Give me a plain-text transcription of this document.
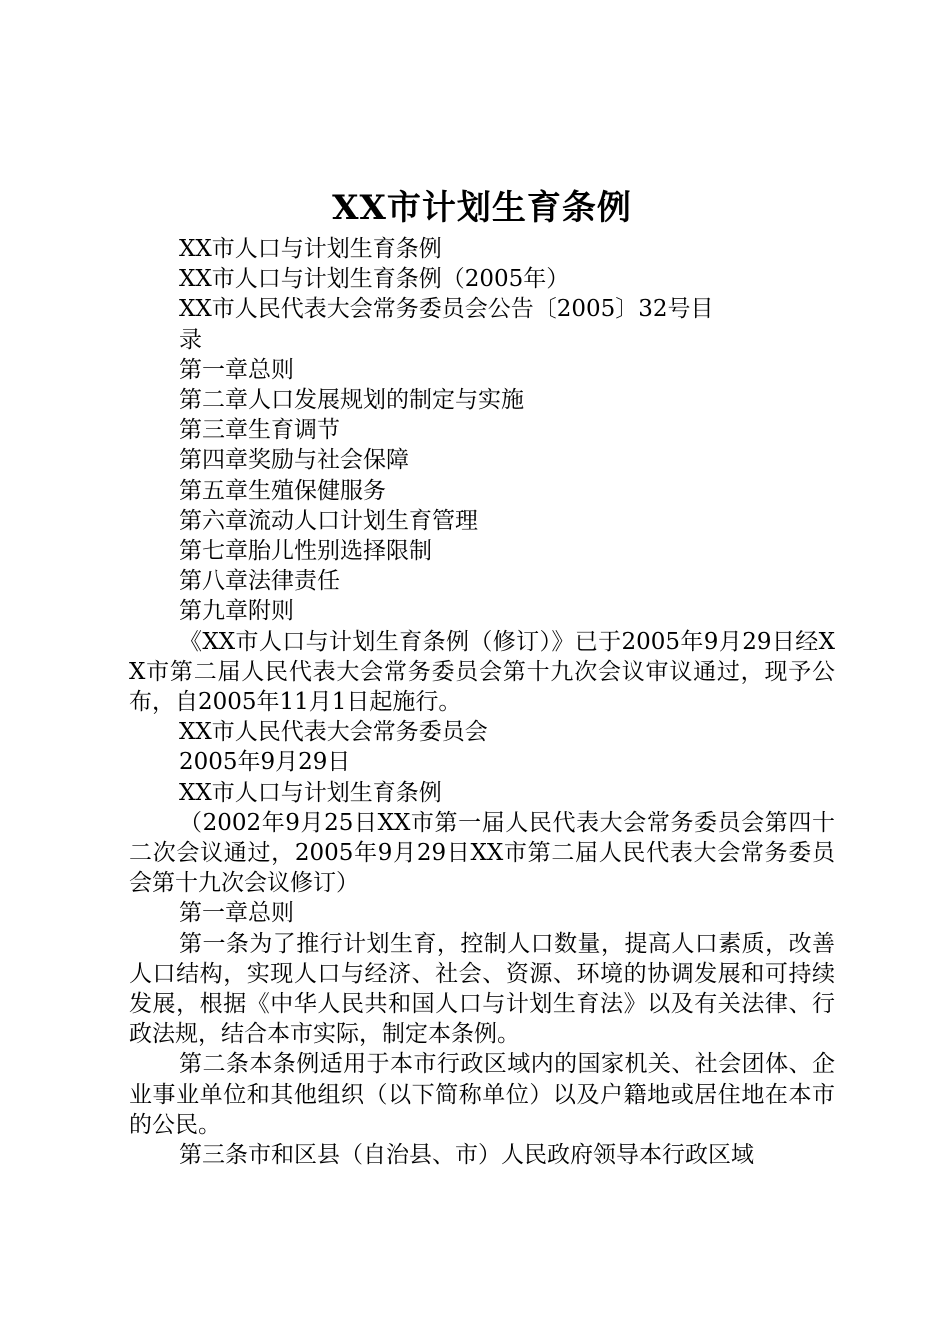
XX市计划生育条例

XX市人口与计划生育条例

XX市人口与计划生育条例（2005年）

XX市人民代表大会常务委员会公告〔2005〕32号目

录

第一章总则

第二章人口发展规划的制定与实施

第三章生育调节

第四章奖励与社会保障

第五章生殖保健服务

第六章流动人口计划生育管理

第七章胎儿性别选择限制

第八章法律责任

第九章附则

《XX市人口与计划生育条例（修订）》已于2005年9月29日经XX市第二届人民代表大会常务委员会第十九次会议审议通过，现予公布，自2005年11月1日起施行。

XX市人民代表大会常务委员会

2005年9月29日

XX市人口与计划生育条例

（2002年9月25日XX市第一届人民代表大会常务委员会第四十二次会议通过，2005年9月29日XX市第二届人民代表大会常务委员会第十九次会议修订）

第一章总则

第一条为了推行计划生育，控制人口数量，提高人口素质，改善人口结构，实现人口与经济、社会、资源、环境的协调发展和可持续发展，根据《中华人民共和国人口与计划生育法》以及有关法律、行政法规，结合本市实际，制定本条例。

第二条本条例适用于本市行政区域内的国家机关、社会团体、企业事业单位和其他组织（以下简称单位）以及户籍地或居住地在本市的公民。

第三条市和区县（自治县、市）人民政府领导本行政区域
